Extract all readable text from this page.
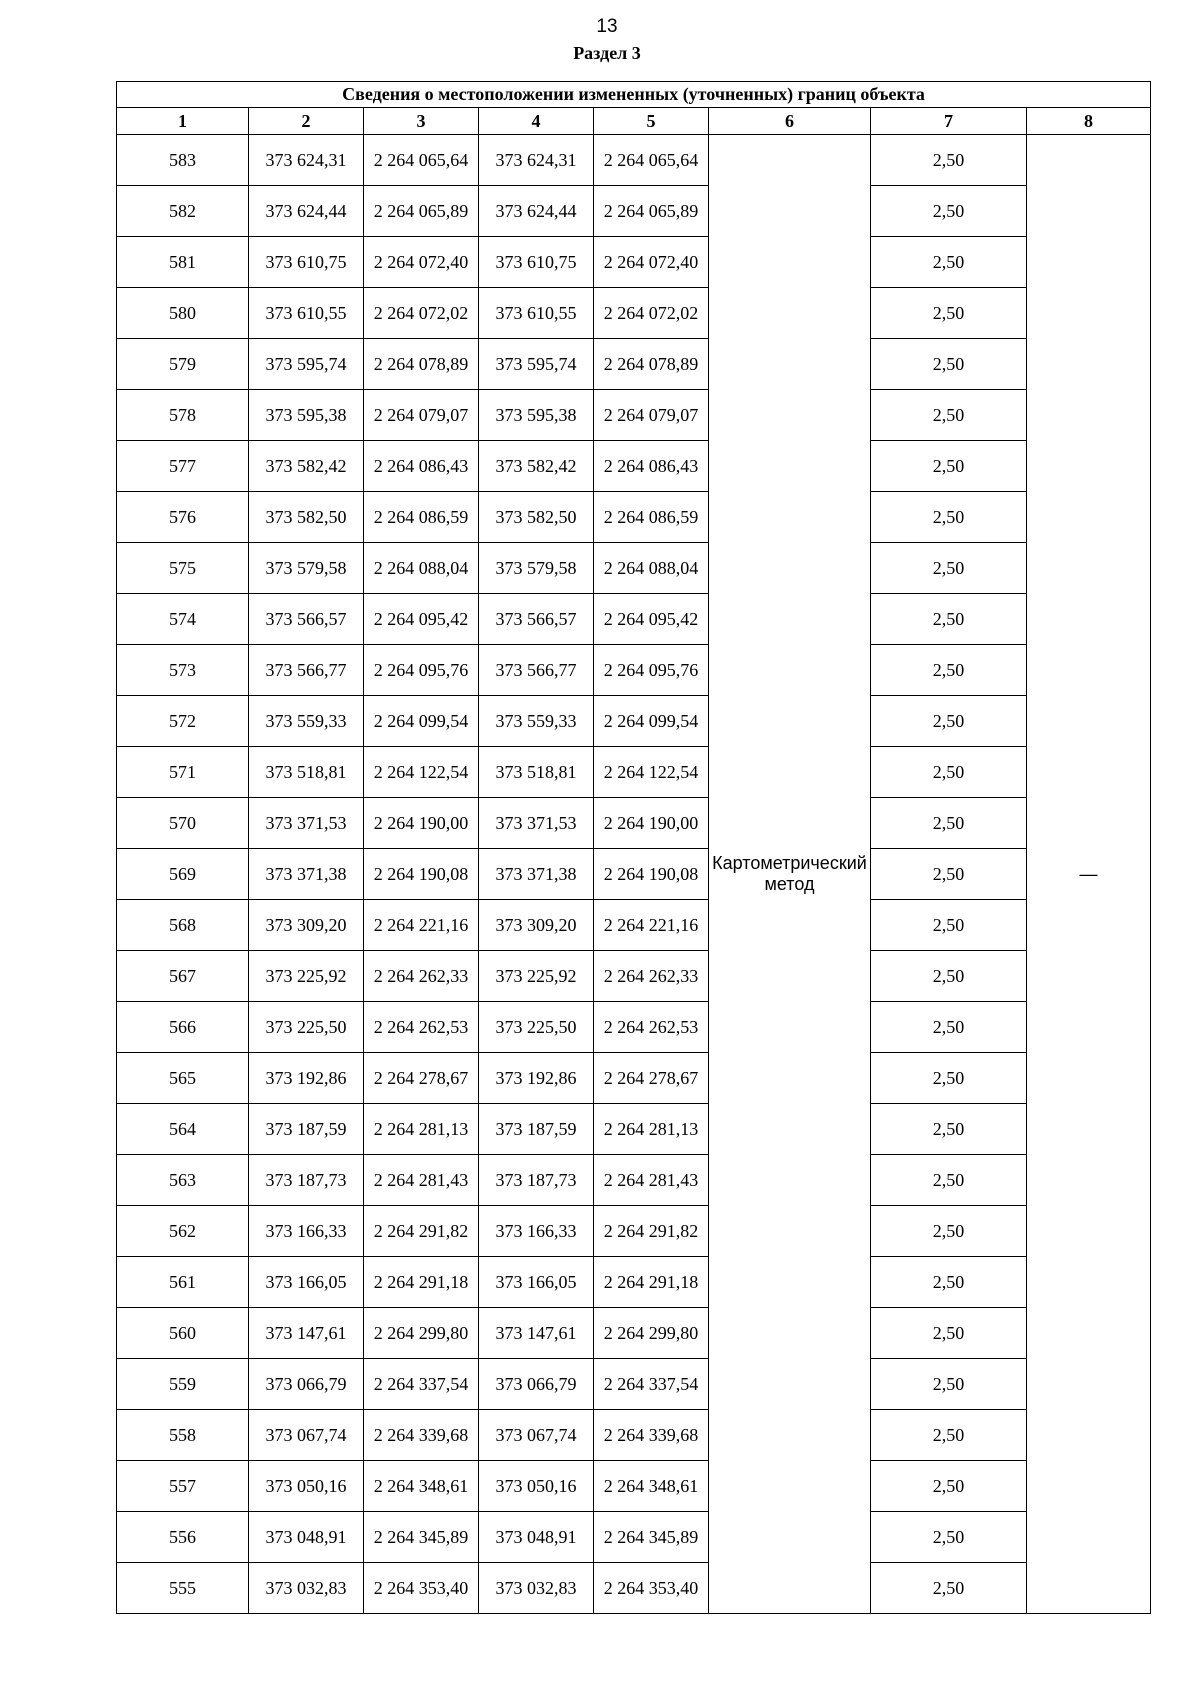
13
Раздел 3
Сведения о местоположении измененных (уточненных) границ объекта							
1	2	3	4	5	6	7	8
583	373 624,31	2 264 065,64	373 624,31	2 264 065,64	Картометрический метод	2,50	—
582	373 624,44	2 264 065,89	373 624,44	2 264 065,89		2,50	
581	373 610,75	2 264 072,40	373 610,75	2 264 072,40		2,50	
580	373 610,55	2 264 072,02	373 610,55	2 264 072,02		2,50	
579	373 595,74	2 264 078,89	373 595,74	2 264 078,89		2,50	
578	373 595,38	2 264 079,07	373 595,38	2 264 079,07		2,50	
577	373 582,42	2 264 086,43	373 582,42	2 264 086,43		2,50	
576	373 582,50	2 264 086,59	373 582,50	2 264 086,59		2,50	
575	373 579,58	2 264 088,04	373 579,58	2 264 088,04		2,50	
574	373 566,57	2 264 095,42	373 566,57	2 264 095,42		2,50	
573	373 566,77	2 264 095,76	373 566,77	2 264 095,76		2,50	
572	373 559,33	2 264 099,54	373 559,33	2 264 099,54		2,50	
571	373 518,81	2 264 122,54	373 518,81	2 264 122,54		2,50	
570	373 371,53	2 264 190,00	373 371,53	2 264 190,00		2,50	
569	373 371,38	2 264 190,08	373 371,38	2 264 190,08		2,50	
568	373 309,20	2 264 221,16	373 309,20	2 264 221,16		2,50	
567	373 225,92	2 264 262,33	373 225,92	2 264 262,33		2,50	
566	373 225,50	2 264 262,53	373 225,50	2 264 262,53		2,50	
565	373 192,86	2 264 278,67	373 192,86	2 264 278,67		2,50	
564	373 187,59	2 264 281,13	373 187,59	2 264 281,13		2,50	
563	373 187,73	2 264 281,43	373 187,73	2 264 281,43		2,50	
562	373 166,33	2 264 291,82	373 166,33	2 264 291,82		2,50	
561	373 166,05	2 264 291,18	373 166,05	2 264 291,18		2,50	
560	373 147,61	2 264 299,80	373 147,61	2 264 299,80		2,50	
559	373 066,79	2 264 337,54	373 066,79	2 264 337,54		2,50	
558	373 067,74	2 264 339,68	373 067,74	2 264 339,68		2,50	
557	373 050,16	2 264 348,61	373 050,16	2 264 348,61		2,50	
556	373 048,91	2 264 345,89	373 048,91	2 264 345,89		2,50	
555	373 032,83	2 264 353,40	373 032,83	2 264 353,40		2,50	
